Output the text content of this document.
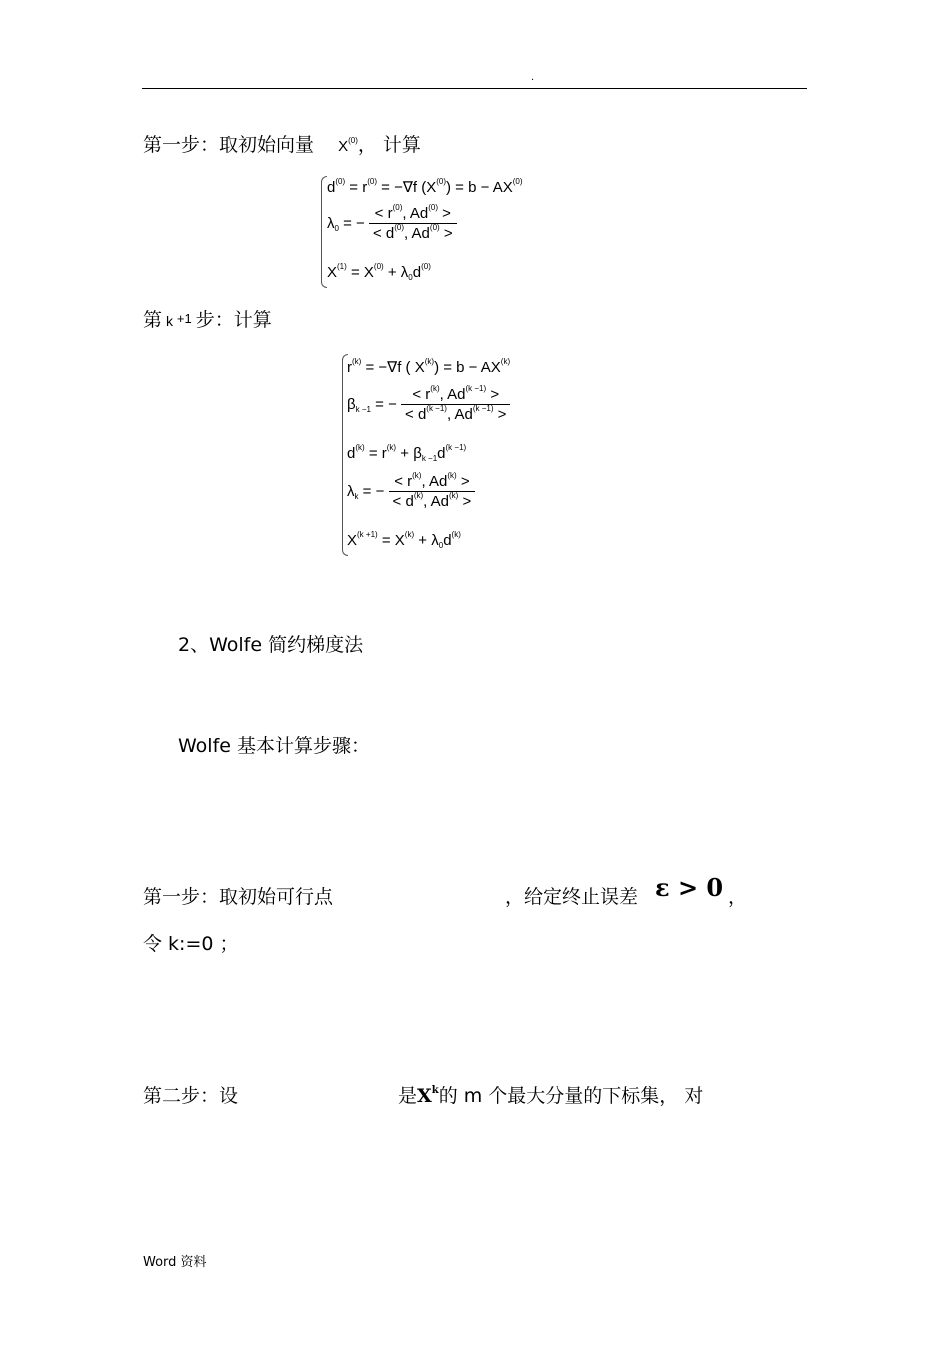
.
第一步：取初始向量 $X^{(0)}$， 计算
$d^{(0)} = r^{(0)} = -\nabla f$ $(X^{(0)}) = b - AX^{(0)}$
$\lambda_0$ = − $\frac{< r^{(0)}, Ad^{(0)} >}{< d^{(0)}, Ad^{(0)} >}$
$X^{(1)} = X^{(0)} + \lambda_0d^{(0)}$
第 k $^{+1}$ 步：计算
$r^{(k)} = -\nabla f$ ( $X^{(k)}) = b - AX^{(k)}$
$\beta_{k -1}$ = − $\frac{< r^{(k)}, Ad^{(k -1)} >}{< d^{(k -1)}, Ad^{(k -1)} >}$
$d^{(k)} = r^{(k)} + \beta_{k -1}d^{(k -1)}$
$\lambda_k$ = − $\frac{< r^{(k)}, Ad^{(k)} >}{< d^{(k)}, Ad^{(k)} >}$
$X^{(k +1)} = X^{(k)} + \lambda_0d^{(k)}$
2、Wolfe 简约梯度法
Wolfe 基本计算步骤：
第一步：取初始可行点	，给定终止误差 ε > 0 ，
令 k:=0 ；
第二步：设	是$X^k$的 m 个最大分量的下标集， 对
Word 资料
